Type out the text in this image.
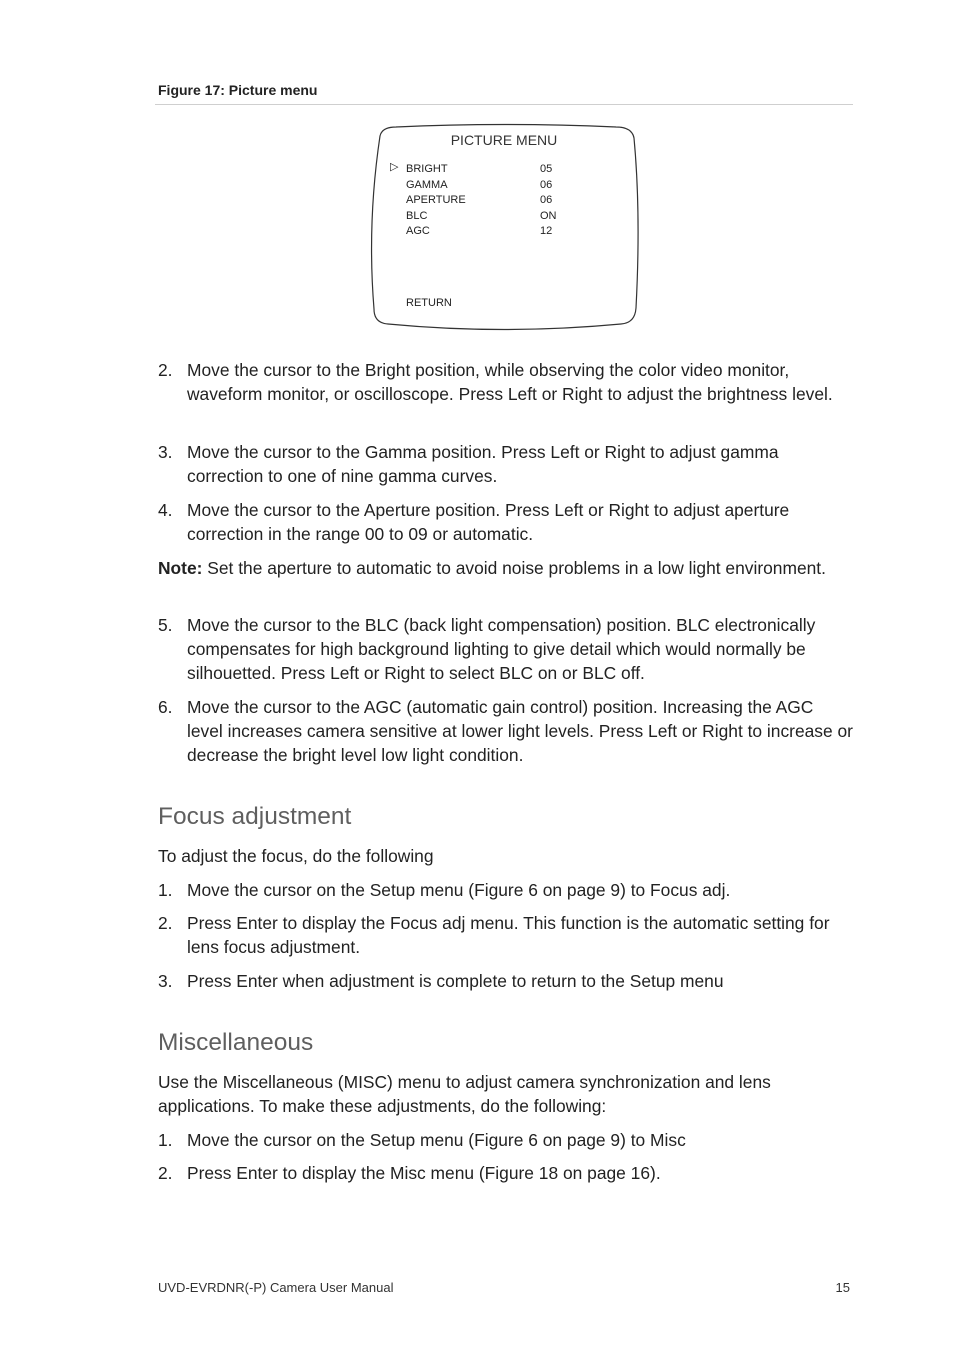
Figure 17: Picture menu
PICTURE MENU
▷ BRIGHT	05
GAMMA	06
APERTURE	06
BLC	ON
AGC	12
RETURN
2. Move the cursor to the Bright position, while observing the color video monitor, waveform monitor, or oscilloscope. Press Left or Right to adjust the brightness level.
3. Move the cursor to the Gamma position. Press Left or Right to adjust gamma correction to one of nine gamma curves.
4. Move the cursor to the Aperture position. Press Left or Right to adjust aperture correction in the range 00 to 09 or automatic.
Note: Set the aperture to automatic to avoid noise problems in a low light environment.
5. Move the cursor to the BLC (back light compensation) position. BLC electronically compensates for high background lighting to give detail which would normally be silhouetted. Press Left or Right to select BLC on or BLC off.
6. Move the cursor to the AGC (automatic gain control) position. Increasing the AGC level increases camera sensitive at lower light levels. Press Left or Right to increase or decrease the bright level low light condition.
Focus adjustment
To adjust the focus, do the following
1. Move the cursor on the Setup menu (Figure 6 on page 9) to Focus adj.
2. Press Enter to display the Focus adj menu. This function is the automatic setting for lens focus adjustment.
3. Press Enter when adjustment is complete to return to the Setup menu
Miscellaneous
Use the Miscellaneous (MISC) menu to adjust camera synchronization and lens applications. To make these adjustments, do the following:
1. Move the cursor on the Setup menu (Figure 6 on page 9) to Misc
2. Press Enter to display the Misc menu (Figure 18 on page 16).
UVD-EVRDNR(-P) Camera User Manual	15
